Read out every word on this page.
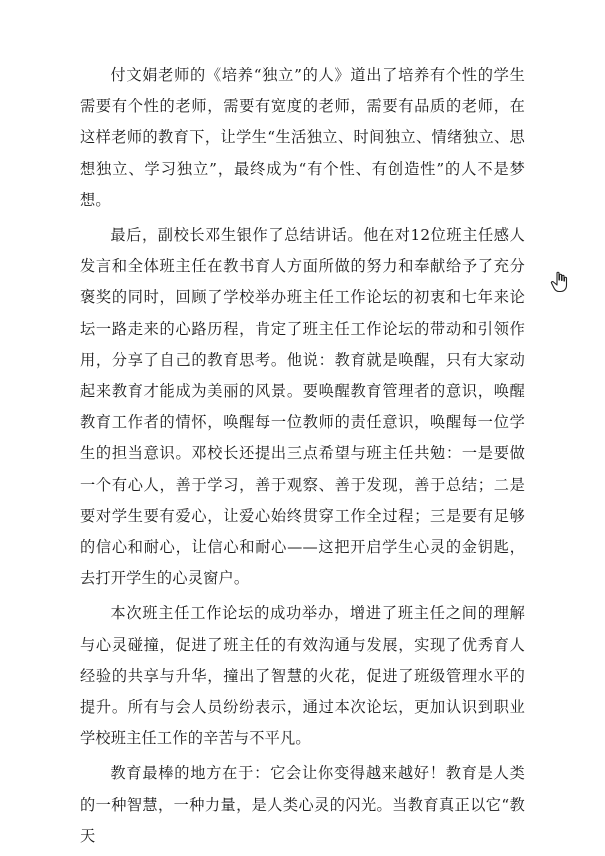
付文娟老师的《培养“独立”的人》道出了培养有个性的学生需要有个性的老师，需要有宽度的老师，需要有品质的老师，在这样老师的教育下，让学生“生活独立、时间独立、情绪独立、思想独立、学习独立”，最终成为“有个性、有创造性”的人不是梦想。

最后，副校长邓生银作了总结讲话。他在对12位班主任感人发言和全体班主任在教书育人方面所做的努力和奉献给予了充分褒奖的同时，回顾了学校举办班主任工作论坛的初衷和七年来论坛一路走来的心路历程，肯定了班主任工作论坛的带动和引领作用，分享了自己的教育思考。他说：教育就是唤醒，只有大家动起来教育才能成为美丽的风景。要唤醒教育管理者的意识，唤醒教育工作者的情怀，唤醒每一位教师的责任意识，唤醒每一位学生的担当意识。邓校长还提出三点希望与班主任共勉：一是要做一个有心人，善于学习，善于观察、善于发现，善于总结；二是要对学生要有爱心，让爱心始终贯穿工作全过程；三是要有足够的信心和耐心，让信心和耐心——这把开启学生心灵的金钥匙，去打开学生的心灵窗户。

本次班主任工作论坛的成功举办，增进了班主任之间的理解与心灵碰撞，促进了班主任的有效沟通与发展，实现了优秀育人经验的共享与升华，撞出了智慧的火花，促进了班级管理水平的提升。所有与会人员纷纷表示，通过本次论坛，更加认识到职业学校班主任工作的辛苦与不平凡。

教育最棒的地方在于：它会让你变得越来越好！教育是人类的一种智慧，一种力量，是人类心灵的闪光。当教育真正以它“教天
